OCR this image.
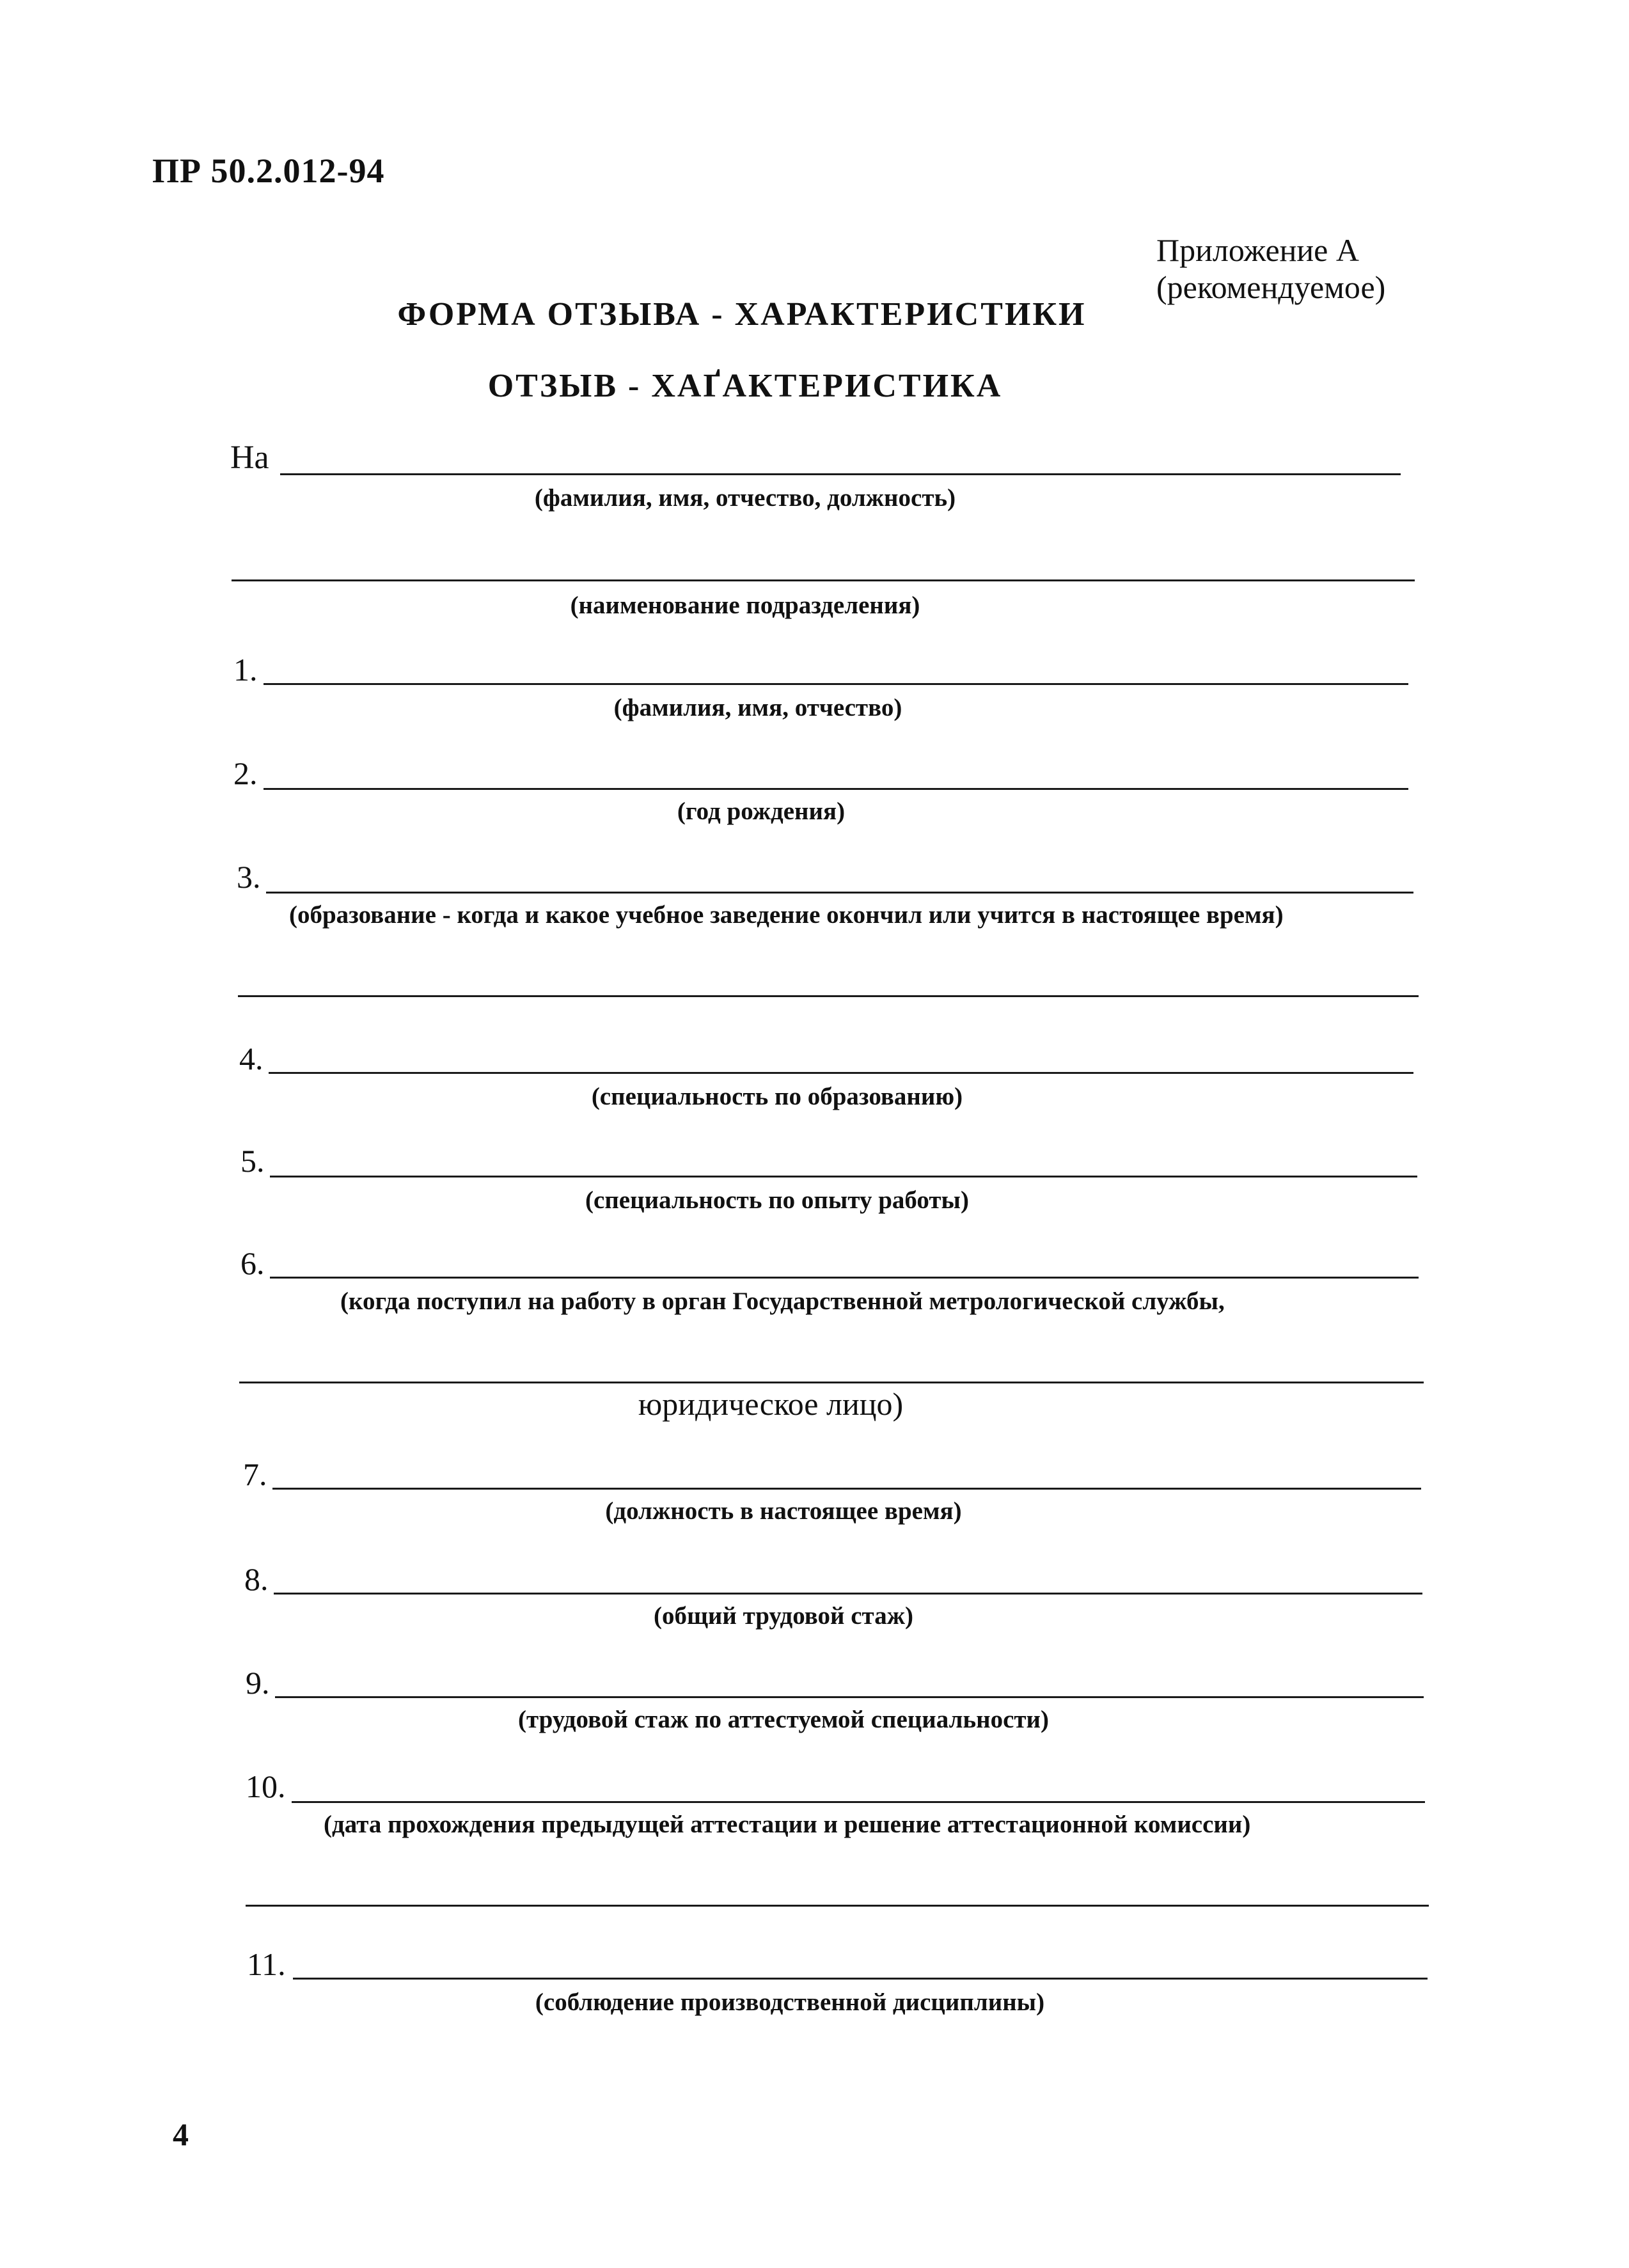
ПР 50.2.012-94
Приложение А
(рекомендуемое)
ФОРМА ОТЗЫВА - ХАРАКТЕРИСТИКИ
ОТЗЫВ - ХАҐАКТЕРИСТИКА
На
(фамилия, имя, отчество, должность)
(наименование подразделения)
1.
(фамилия, имя, отчество)
2.
(год рождения)
3.
(образование - когда и какое учебное заведение окончил или учится в настоящее время)
4.
(специальность по образованию)
5.
(специальность по опыту работы)
6.
(когда поступил на работу в орган Государственной метрологической службы,
юридическое лицо)
7.
(должность в настоящее время)
8.
(общий трудовой стаж)
9.
(трудовой стаж по аттестуемой специальности)
10.
(дата прохождения предыдущей аттестации и решение аттестационной комиссии)
11.
(соблюдение производственной дисциплины)
4
